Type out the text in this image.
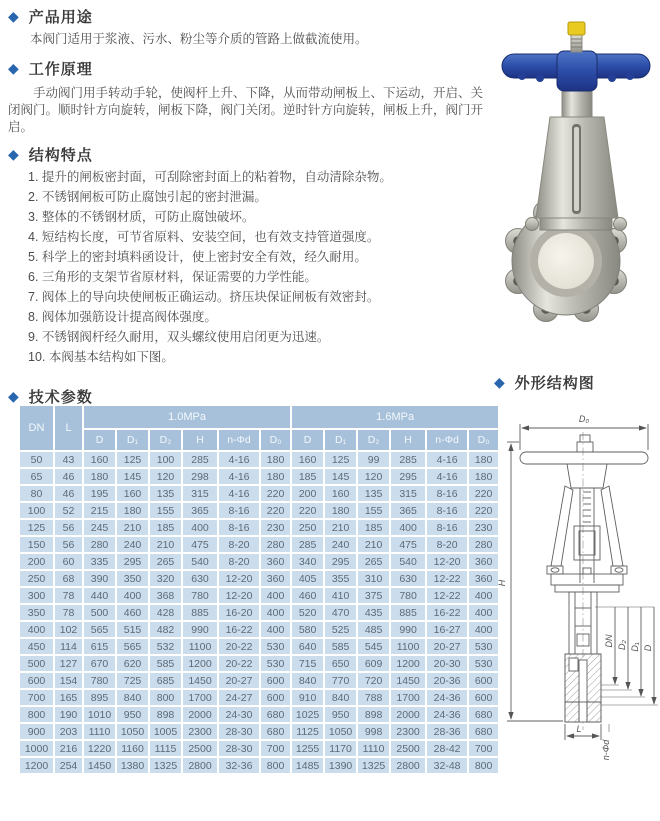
◆ 产品用途
本阀门适用于浆液、污水、粉尘等介质的管路上做截流使用。
◆ 工作原理
手动阀门用手转动手轮，使阀杆上升、下降，从而带动闸板上、下运动，开启、关闭阀门。顺时针方向旋转，闸板下降，阀门关闭。逆时针方向旋转，闸板上升，阀门开启。
◆ 结构特点
1. 提升的闸板密封面，可刮除密封面上的粘着物，自动清除杂物。
2. 不锈钢闸板可防止腐蚀引起的密封泄漏。
3. 整体的不锈钢材质，可防止腐蚀破坏。
4. 短结构长度，可节省原料、安装空间，也有效支持管道强度。
5. 科学上的密封填料函设计，使上密封安全有效，经久耐用。
6. 三角形的支架节省原材料，保证需要的力学性能。
7. 阀体上的导向块使闸板正确运动。挤压块保证闸板有效密封。
8. 阀体加强筋设计提高阀体强度。
9. 不锈钢阀杆经久耐用，双头螺纹使用启闭更为迅速。
10. 本阀基本结构如下图。
◆ 技术参数
DN	L	1.0MPa						1.6MPa					
		D	D₁	D₂	H	n-Φd	D₀	D	D₁	D₂	H	n-Φd	D₀
50	43	160	125	100	285	4-16	180	160	125	99	285	4-16	180
65	46	180	145	120	298	4-16	180	185	145	120	295	4-16	180
80	46	195	160	135	315	4-16	220	200	160	135	315	8-16	220
100	52	215	180	155	365	8-16	220	220	180	155	365	8-16	220
125	56	245	210	185	400	8-16	230	250	210	185	400	8-16	230
150	56	280	240	210	475	8-20	280	285	240	210	475	8-20	280
200	60	335	295	265	540	8-20	360	340	295	265	540	12-20	360
250	68	390	350	320	630	12-20	360	405	355	310	630	12-22	360
300	78	440	400	368	780	12-20	400	460	410	375	780	12-22	400
350	78	500	460	428	885	16-20	400	520	470	435	885	16-22	400
400	102	565	515	482	990	16-22	400	580	525	485	990	16-27	400
450	114	615	565	532	1100	20-22	530	640	585	545	1100	20-27	530
500	127	670	620	585	1200	20-22	530	715	650	609	1200	20-30	530
600	154	780	725	685	1450	20-27	600	840	770	720	1450	20-36	600
700	165	895	840	800	1700	24-27	600	910	840	788	1700	24-36	600
800	190	1010	950	898	2000	24-30	680	1025	950	898	2000	24-36	680
900	203	1110	1050	1005	2300	28-30	680	1125	1050	998	2300	28-36	680
1000	216	1220	1160	1115	2500	28-30	700	1255	1170	1110	2500	28-42	700
1200	254	1450	1380	1325	2800	32-36	800	1485	1390	1325	2800	32-48	800
◆ 外形结构图
D₀
H
DN D₂ D₁ D
L
n-Φd
